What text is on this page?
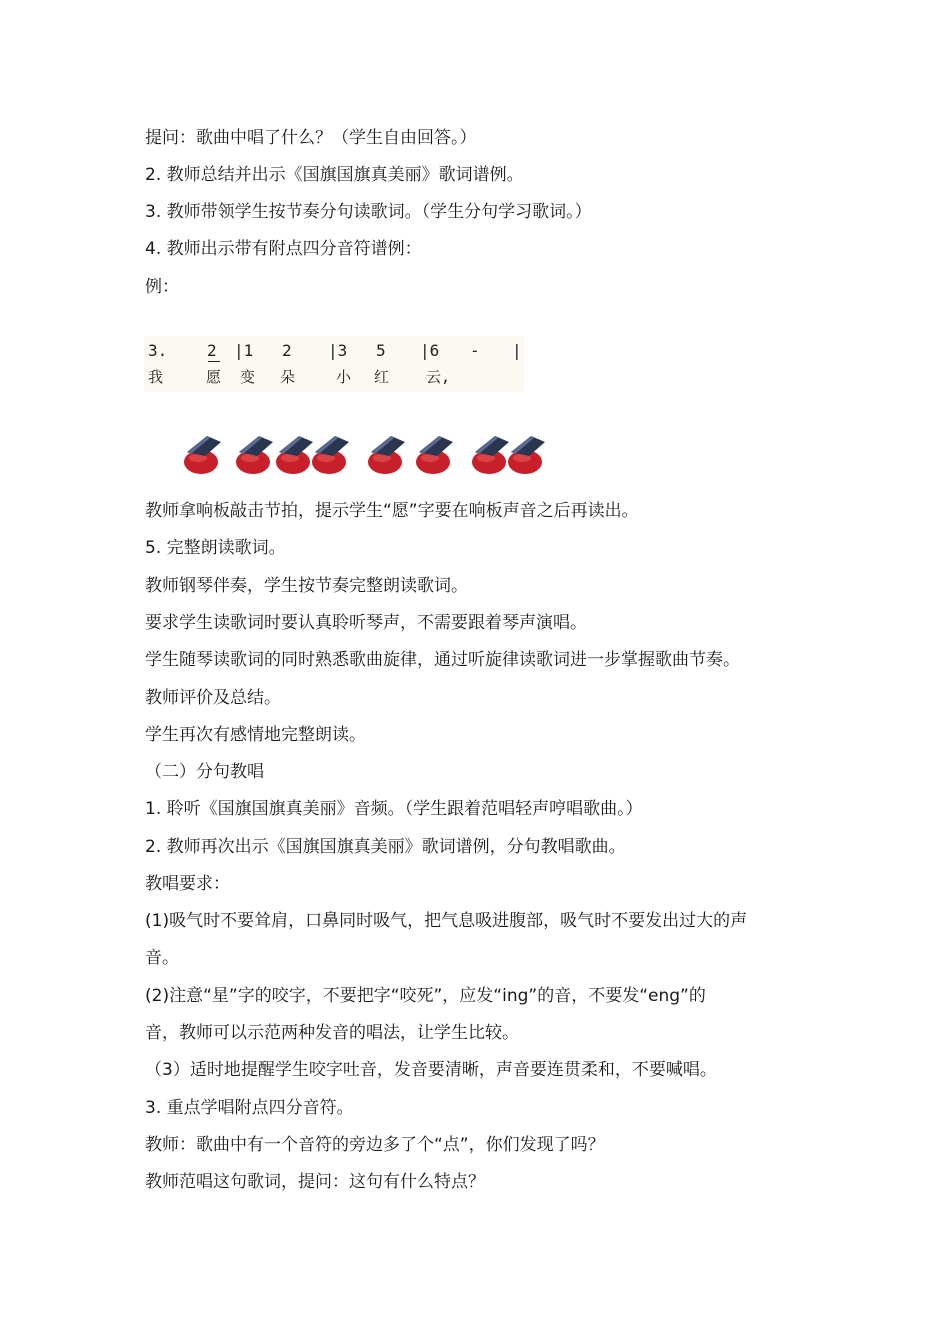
提问：歌曲中唱了什么？（学生自由回答。）
2. 教师总结并出示《国旗国旗真美丽》歌词谱例。
3. 教师带领学生按节奏分句读歌词。（学生分句学习歌词。）
4. 教师出示带有附点四分音符谱例：
例：
3. 2 |1 2 |3 5 |6 - |
我	愿 变 朵	小 红 云,
教师拿响板敲击节拍，提示学生“愿”字要在响板声音之后再读出。
5. 完整朗读歌词。
教师钢琴伴奏，学生按节奏完整朗读歌词。
要求学生读歌词时要认真聆听琴声，不需要跟着琴声演唱。
学生随琴读歌词的同时熟悉歌曲旋律，通过听旋律读歌词进一步掌握歌曲节奏。
教师评价及总结。
学生再次有感情地完整朗读。
（二）分句教唱
1. 聆听《国旗国旗真美丽》音频。（学生跟着范唱轻声哼唱歌曲。）
2. 教师再次出示《国旗国旗真美丽》歌词谱例，分句教唱歌曲。
教唱要求：
(1)吸气时不要耸肩，口鼻同时吸气，把气息吸进腹部，吸气时不要发出过大的声
音。
(2)注意“星”字的咬字，不要把字“咬死”，应发“ing”的音，不要发“eng”的
音，教师可以示范两种发音的唱法，让学生比较。
（3）适时地提醒学生咬字吐音，发音要清晰，声音要连贯柔和，不要喊唱。
3. 重点学唱附点四分音符。
教师：歌曲中有一个音符的旁边多了个“点”，你们发现了吗？
教师范唱这句歌词，提问：这句有什么特点？
